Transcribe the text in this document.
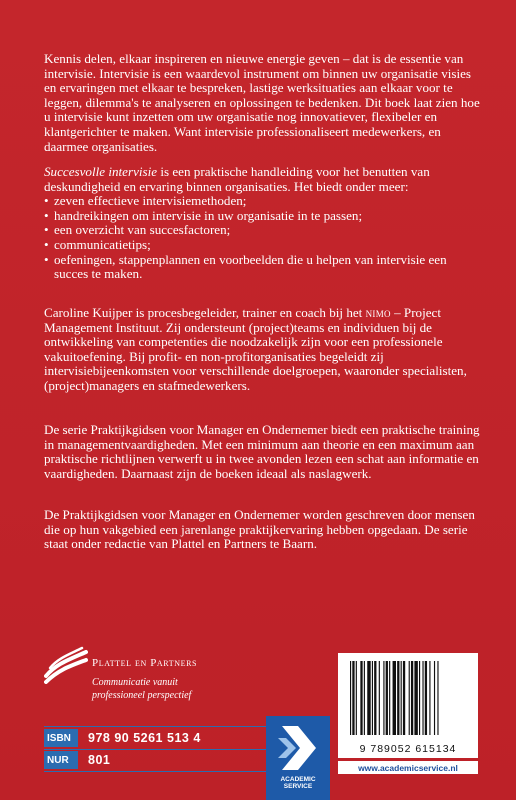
Kennis delen, elkaar inspireren en nieuwe energie geven – dat is de essentie van intervisie. Intervisie is een waardevol instrument om binnen uw organisatie visies en ervaringen met elkaar te bespreken, lastige werksituaties aan elkaar voor te leggen, dilemma's te analyseren en oplossingen te bedenken. Dit boek laat zien hoe u intervisie kunt inzetten om uw organisatie nog innovatiever, flexibeler en klantgerichter te maken. Want intervisie professionaliseert medewerkers, en daarmee organisaties.

Succesvolle intervisie is een praktische handleiding voor het benutten van deskundigheid en ervaring binnen organisaties. Het biedt onder meer:

• zeven effectieve intervisiemethoden;
• handreikingen om intervisie in uw organisatie in te passen;
• een overzicht van succesfactoren;
• communicatietips;
• oefeningen, stappenplannen en voorbeelden die u helpen van intervisie een succes te maken.

Caroline Kuijper is procesbegeleider, trainer en coach bij het nimo – Project Management Instituut. Zij ondersteunt (project)teams en individuen bij de ontwikkeling van competenties die noodzakelijk zijn voor een professionele vakuitoefening. Bij profit- en non-profitorganisaties begeleidt zij intervisiebijeenkomsten voor verschillende doelgroepen, waaronder specialisten, (project)managers en stafmedewerkers.

De serie Praktijkgidsen voor Manager en Ondernemer biedt een praktische training in managementvaardigheden. Met een minimum aan theorie en een maximum aan praktische richtlijnen verwerft u in twee avonden lezen een schat aan informatie en vaardigheden. Daarnaast zijn de boeken ideaal als naslagwerk.

De Praktijkgidsen voor Manager en Ondernemer worden geschreven door mensen die op hun vakgebied een jarenlange praktijkervaring hebben opgedaan. De serie staat onder redactie van Plattel en Partners te Baarn.

Plattel en Partners
Communicatie vanuit
professioneel perspectief
ISBN	978 90 5261 513 4
NUR	801
ACADEMIC
SERVICE
9 789052 615134
www.academicservice.nl
